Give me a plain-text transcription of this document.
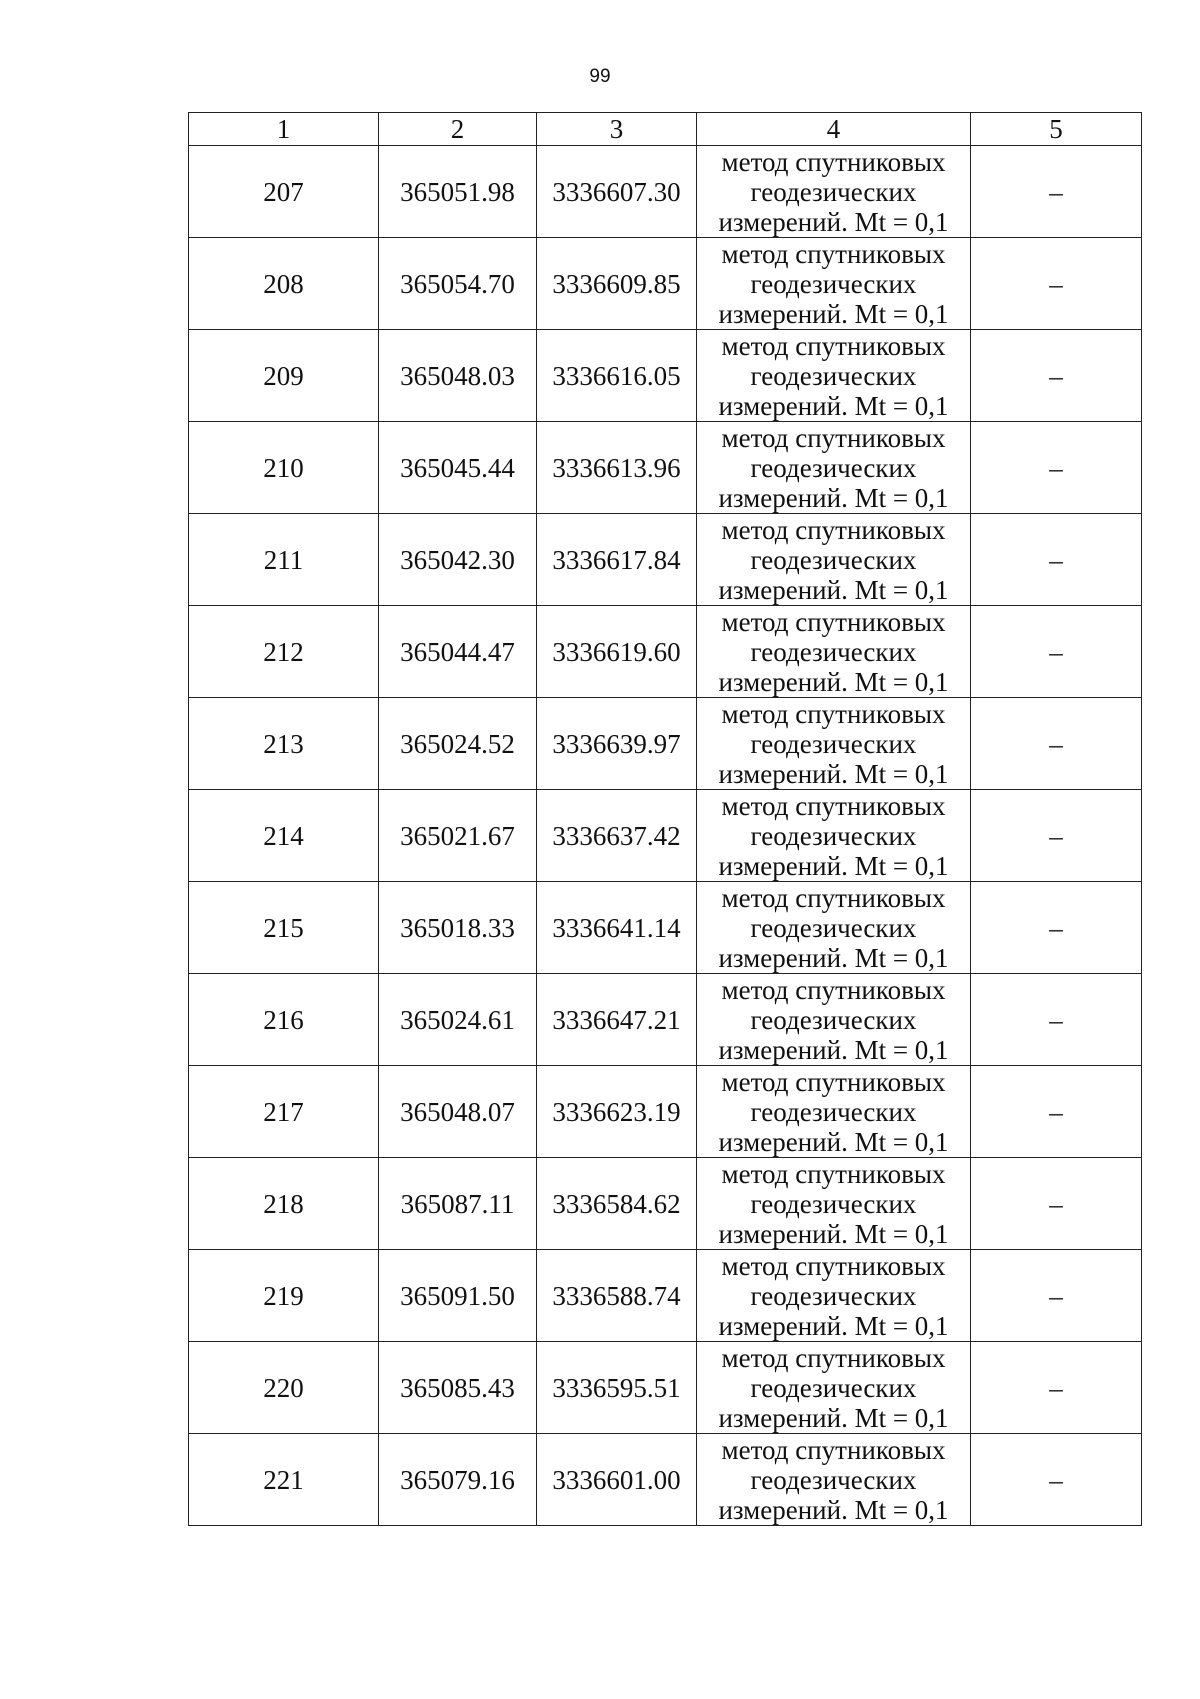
99
1	2	3	4	5
207	365051.98	3336607.30	метод спутниковых
геодезических
измерений. Mt = 0,1	–
208	365054.70	3336609.85	метод спутниковых
геодезических
измерений. Mt = 0,1	–
209	365048.03	3336616.05	метод спутниковых
геодезических
измерений. Mt = 0,1	–
210	365045.44	3336613.96	метод спутниковых
геодезических
измерений. Mt = 0,1	–
211	365042.30	3336617.84	метод спутниковых
геодезических
измерений. Mt = 0,1	–
212	365044.47	3336619.60	метод спутниковых
геодезических
измерений. Mt = 0,1	–
213	365024.52	3336639.97	метод спутниковых
геодезических
измерений. Mt = 0,1	–
214	365021.67	3336637.42	метод спутниковых
геодезических
измерений. Mt = 0,1	–
215	365018.33	3336641.14	метод спутниковых
геодезических
измерений. Mt = 0,1	–
216	365024.61	3336647.21	метод спутниковых
геодезических
измерений. Mt = 0,1	–
217	365048.07	3336623.19	метод спутниковых
геодезических
измерений. Mt = 0,1	–
218	365087.11	3336584.62	метод спутниковых
геодезических
измерений. Mt = 0,1	–
219	365091.50	3336588.74	метод спутниковых
геодезических
измерений. Mt = 0,1	–
220	365085.43	3336595.51	метод спутниковых
геодезических
измерений. Mt = 0,1	–
221	365079.16	3336601.00	метод спутниковых
геодезических
измерений. Mt = 0,1	–
